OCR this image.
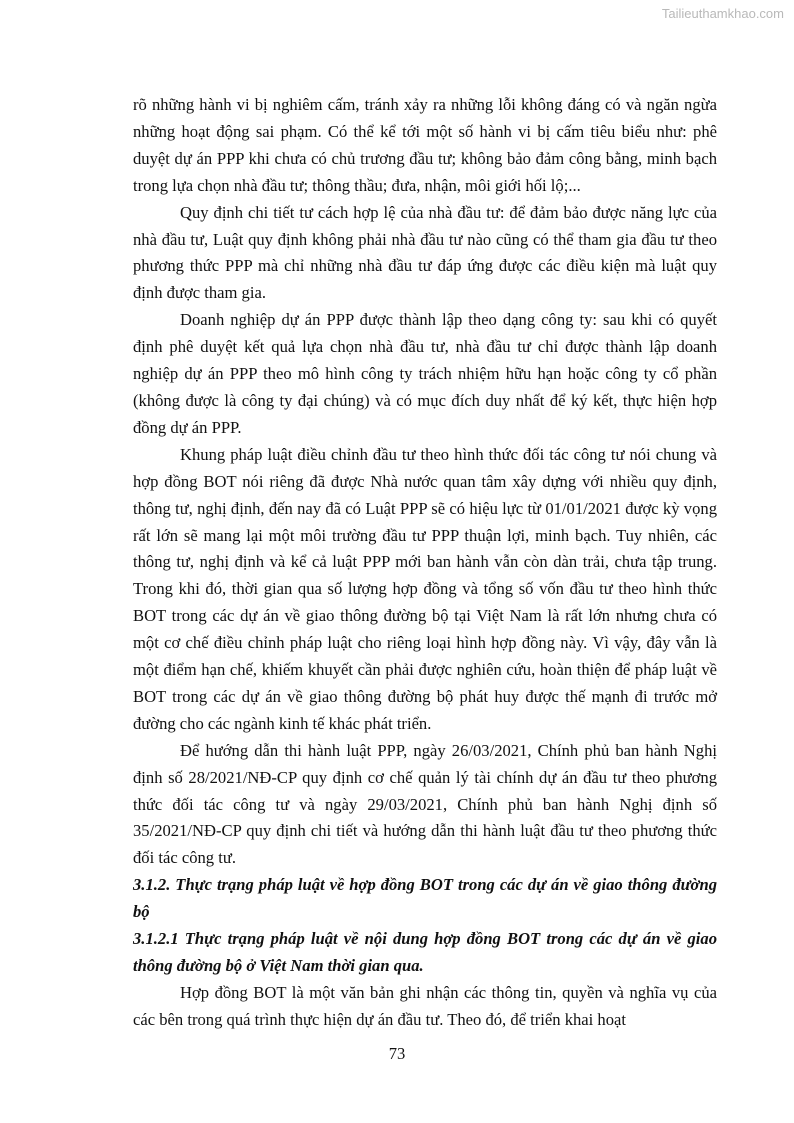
Tailieuthamkhao.com

rõ những hành vi bị nghiêm cấm, tránh xảy ra những lỗi không đáng có và ngăn ngừa những hoạt động sai phạm. Có thể kể tới một số hành vi bị cấm tiêu biểu như: phê duyệt dự án PPP khi chưa có chủ trương đầu tư; không bảo đảm công bằng, minh bạch trong lựa chọn nhà đầu tư; thông thầu; đưa, nhận, môi giới hối lộ;...

Quy định chi tiết tư cách hợp lệ của nhà đầu tư: để đảm bảo được năng lực của nhà đầu tư, Luật quy định không phải nhà đầu tư nào cũng có thể tham gia đầu tư theo phương thức PPP mà chỉ những nhà đầu tư đáp ứng được các điều kiện mà luật quy định được tham gia.

Doanh nghiệp dự án PPP được thành lập theo dạng công ty: sau khi có quyết định phê duyệt kết quả lựa chọn nhà đầu tư, nhà đầu tư chỉ được thành lập doanh nghiệp dự án PPP theo mô hình công ty trách nhiệm hữu hạn hoặc công ty cổ phần (không được là công ty đại chúng) và có mục đích duy nhất để ký kết, thực hiện hợp đồng dự án PPP.

Khung pháp luật điều chỉnh đầu tư theo hình thức đối tác công tư nói chung và hợp đồng BOT nói riêng đã được Nhà nước quan tâm xây dựng với nhiều quy định, thông tư, nghị định, đến nay đã có Luật PPP sẽ có hiệu lực từ 01/01/2021 được kỳ vọng rất lớn sẽ mang lại một môi trường đầu tư PPP thuận lợi, minh bạch. Tuy nhiên, các thông tư, nghị định và kể cả luật PPP mới ban hành vẫn còn dàn trải, chưa tập trung. Trong khi đó, thời gian qua số lượng hợp đồng và tổng số vốn đầu tư theo hình thức BOT trong các dự án về giao thông đường bộ tại Việt Nam là rất lớn nhưng chưa có một cơ chế điều chỉnh pháp luật cho riêng loại hình hợp đồng này. Vì vậy, đây vẫn là một điểm hạn chế, khiếm khuyết cần phải được nghiên cứu, hoàn thiện để pháp luật về BOT trong các dự án về giao thông đường bộ phát huy được thế mạnh đi trước mở đường cho các ngành kinh tế khác phát triển.

Để hướng dẫn thi hành luật PPP, ngày 26/03/2021, Chính phủ ban hành Nghị định số 28/2021/NĐ-CP quy định cơ chế quản lý tài chính dự án đầu tư theo phương thức đối tác công tư và ngày 29/03/2021, Chính phủ ban hành Nghị định số 35/2021/NĐ-CP quy định chi tiết và hướng dẫn thi hành luật đầu tư theo phương thức đối tác công tư.

3.1.2. Thực trạng pháp luật về hợp đồng BOT trong các dự án về giao thông đường bộ

3.1.2.1 Thực trạng pháp luật về nội dung hợp đồng BOT trong các dự án về giao thông đường bộ ở Việt Nam thời gian qua.

Hợp đồng BOT là một văn bản ghi nhận các thông tin, quyền và nghĩa vụ của các bên trong quá trình thực hiện dự án đầu tư. Theo đó, để triển khai hoạt

73
